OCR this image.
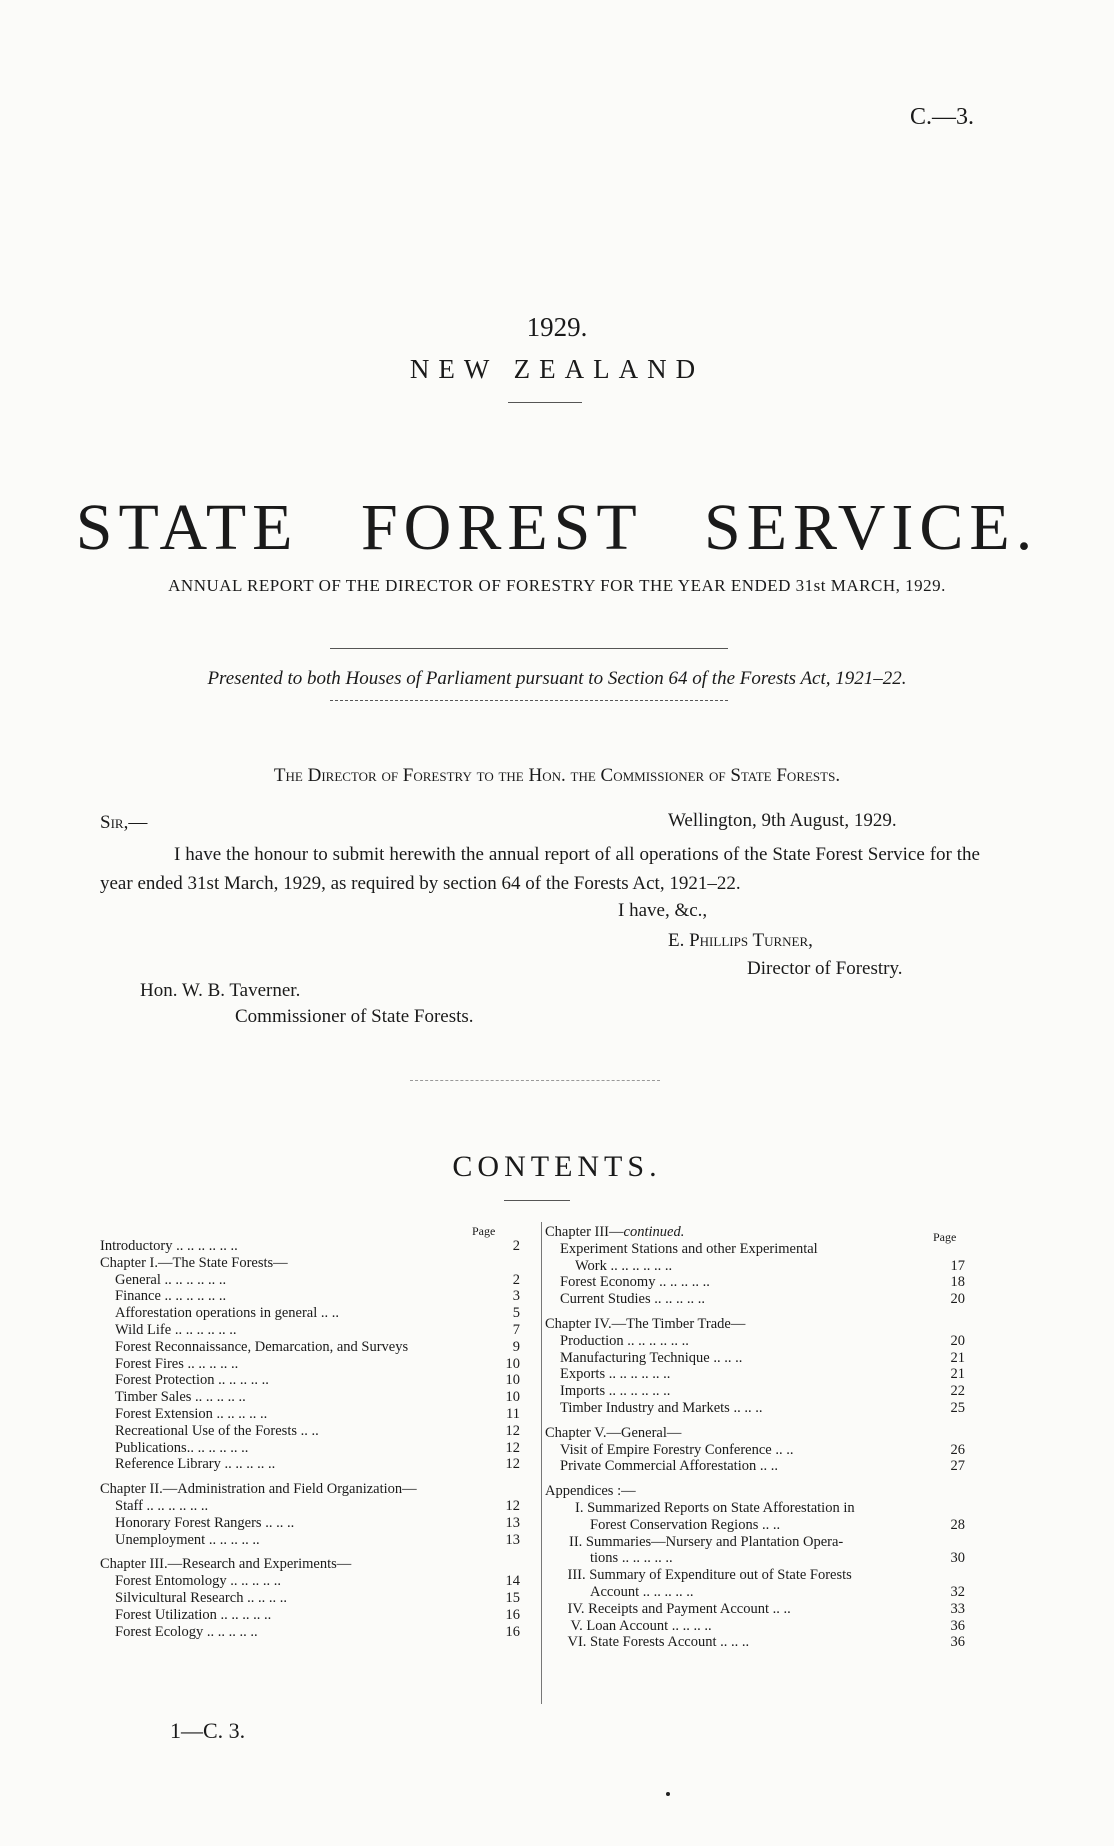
C.—3.
1929.
NEW ZEALAND
STATE FOREST SERVICE.
ANNUAL REPORT OF THE DIRECTOR OF FORESTRY FOR THE YEAR ENDED 31st MARCH, 1929.
Presented to both Houses of Parliament pursuant to Section 64 of the Forests Act, 1921–22.
The Director of Forestry to the Hon. the Commissioner of State Forests.
Sir,—	Wellington, 9th August, 1929.
I have the honour to submit herewith the annual report of all operations of the State Forest Service for the year ended 31st March, 1929, as required by section 64 of the Forests Act, 1921–22.
I have, &c.,
E. Phillips Turner,
Director of Forestry.
Hon. W. B. Taverner.
Commissioner of State Forests.
CONTENTS.
Page	Page
Introductory .. .. .. .. .. ..	2
Chapter I.—The State Forests—
General .. .. .. .. .. ..	2
Finance .. .. .. .. .. ..	3
Afforestation operations in general .. ..	5
Wild Life .. .. .. .. .. ..	7
Forest Reconnaissance, Demarcation, and Surveys	9
Forest Fires .. .. .. .. ..	10
Forest Protection .. .. .. .. ..	10
Timber Sales .. .. .. .. ..	10
Forest Extension .. .. .. .. ..	11
Recreational Use of the Forests .. ..	12
Publications.. .. .. .. .. ..	12
Reference Library .. .. .. .. ..	12
Chapter II.—Administration and Field Organization—
Staff .. .. .. .. .. ..	12
Honorary Forest Rangers .. .. ..	13
Unemployment .. .. .. .. ..	13
Chapter III.—Research and Experiments—
Forest Entomology .. .. .. .. ..	14
Silvicultural Research .. .. .. ..	15
Forest Utilization .. .. .. .. ..	16
Forest Ecology .. .. .. .. ..	16
Chapter III—continued.
Experiment Stations and other Experimental
Work .. .. .. .. .. ..	17
Forest Economy .. .. .. .. ..	18
Current Studies .. .. .. .. ..	20
Chapter IV.—The Timber Trade—
Production .. .. .. .. .. ..	20
Manufacturing Technique .. .. ..	21
Exports .. .. .. .. .. ..	21
Imports .. .. .. .. .. ..	22
Timber Industry and Markets .. .. ..	25
Chapter V.—General—
Visit of Empire Forestry Conference .. ..	26
Private Commercial Afforestation .. ..	27
Appendices :—
I. Summarized Reports on State Afforestation in
Forest Conservation Regions .. ..	28
II. Summaries—Nursery and Plantation Opera-
tions .. .. .. .. ..	30
III. Summary of Expenditure out of State Forests
Account .. .. .. .. ..	32
IV. Receipts and Payment Account .. ..	33
V. Loan Account .. .. .. ..	36
VI. State Forests Account .. .. ..	36
1—C. 3.
